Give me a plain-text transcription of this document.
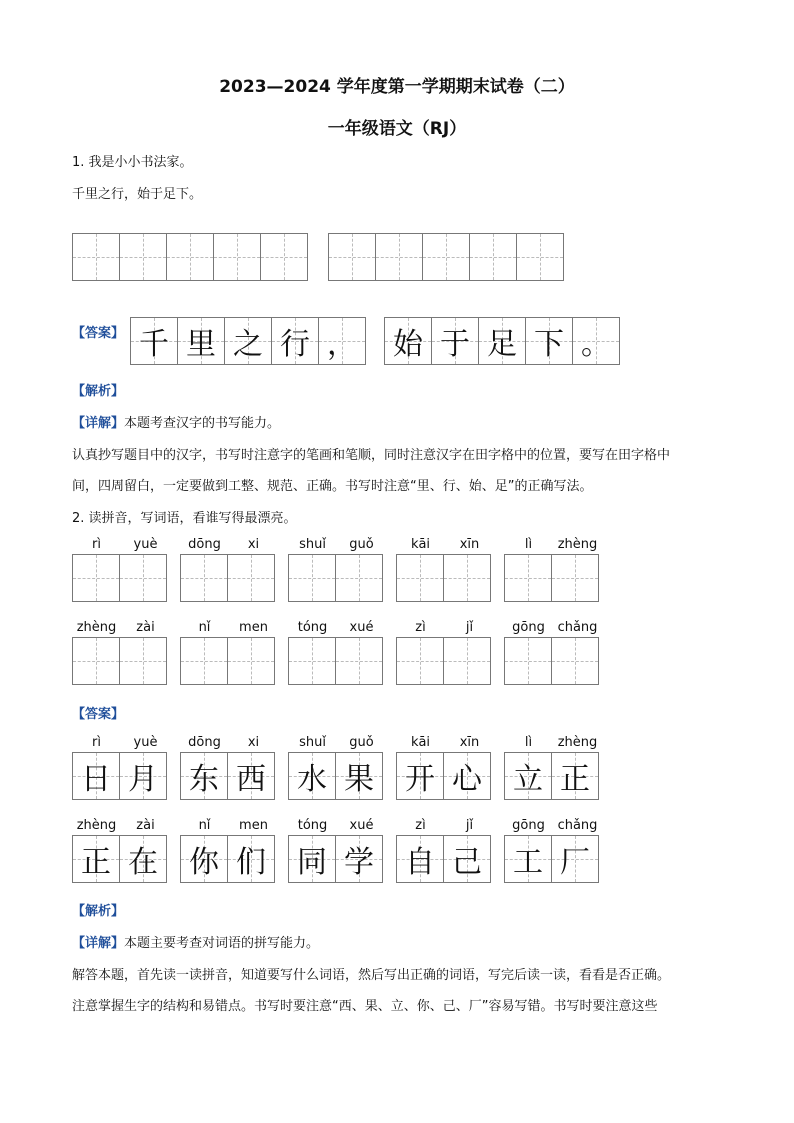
2023—2024 学年度第一学期期末试卷（二）
一年级语文（RJ）
1. 我是小小书法家。
千里之行，始于足下。
【答案】 千 里 之 行 ， 始 于 足 下 。
【解析】
【详解】本题考查汉字的书写能力。
认真抄写题目中的汉字，书写时注意字的笔画和笔顺，同时注意汉字在田字格中的位置，要写在田字格中
间，四周留白，一定要做到工整、规范、正确。书写时注意“里、行、始、足”的正确写法。
2. 读拼音，写词语，看谁写得最漂亮。
rì	yuè	dōng	xi	shuǐ	guǒ	kāi	xīn	lì	zhèng
zhèng	zài	nǐ	men	tóng	xué	zì	jǐ	gōng chǎng
【答案】
rì	yuè
日 月
dōng	xi
东 西
shuǐ	guǒ
水 果
kāi	xīn
开 心
lì	zhèng
立 正
zhèng	zài
正 在
nǐ	men
你 们
tóng	xué
同 学
zì	jǐ
自 己
gōng chǎng
工 厂
【解析】
【详解】本题主要考查对词语的拼写能力。
解答本题，首先读一读拼音，知道要写什么词语，然后写出正确的词语，写完后读一读，看看是否正确。
注意掌握生字的结构和易错点。书写时要注意“西、果、立、你、己、厂”容易写错。书写时要注意这些
